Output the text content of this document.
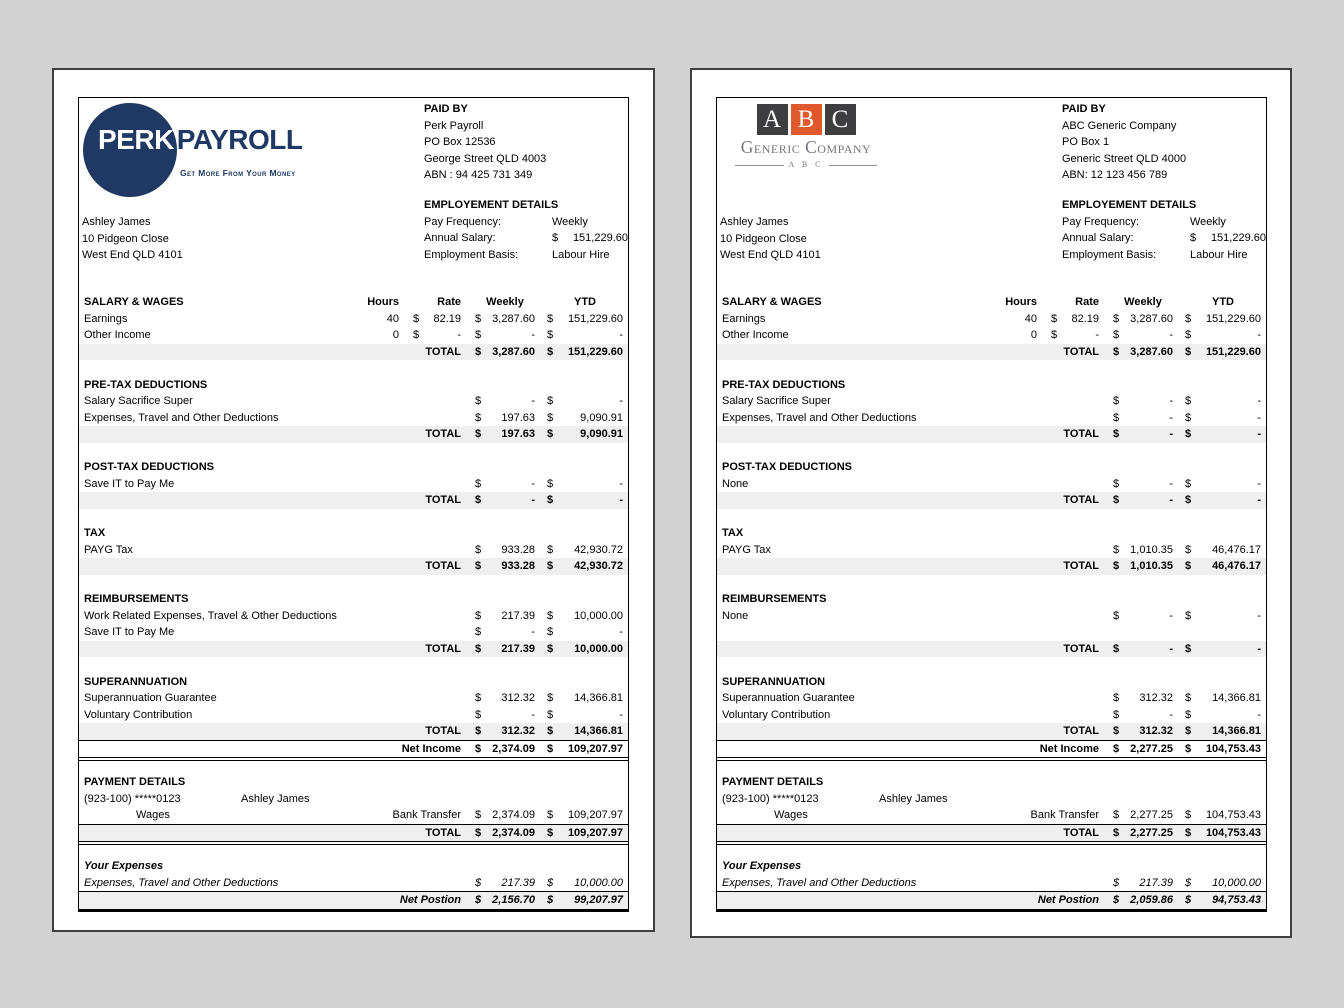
PERK PAYROLL
Get More From Your Money
PAID BY
Perk Payroll
PO Box 12536
George Street QLD 4003
ABN : 94 425 731 349
EMPLOYEMENT DETAILS
Pay Frequency:	Weekly
Annual Salary:	$	151,229.60
Employment Basis:	Labour Hire
Ashley James
10 Pidgeon Close
West End QLD 4101
SALARY & WAGES	Hours	Rate	Weekly	YTD
Earnings	40 $	82.19 $	3,287.60 $	151,229.60
Other Income	0 $	- $	- $	-
TOTAL $	3,287.60 $	151,229.60
PRE-TAX DEDUCTIONS
Salary Sacrifice Super	$	- $	-
Expenses, Travel and Other Deductions	$	197.63 $	9,090.91
TOTAL $	197.63 $	9,090.91
POST-TAX DEDUCTIONS
Save IT to Pay Me	$	- $	-
TOTAL $	- $	-
TAX
PAYG Tax	$	933.28 $	42,930.72
TOTAL $	933.28 $	42,930.72
REIMBURSEMENTS
Work Related Expenses, Travel & Other Deductions	$	217.39 $	10,000.00
Save IT to Pay Me	$	- $	-
TOTAL $	217.39 $	10,000.00
SUPERANNUATION
Superannuation Guarantee	$	312.32 $	14,366.81
Voluntary Contribution	$	- $	-
TOTAL $	312.32 $	14,366.81
Net Income $	2,374.09 $	109,207.97
PAYMENT DETAILS
(923-100) *****0123	Ashley James
Wages	Bank Transfer $	2,374.09 $	109,207.97
TOTAL $	2,374.09 $	109,207.97
Your Expenses
Expenses, Travel and Other Deductions	$	217.39 $	10,000.00
Net Postion $	2,156.70 $	99,207.97
A B C
Generic Company
A B C
PAID BY
ABC Generic Company
PO Box 1
Generic Street QLD 4000
ABN: 12 123 456 789
EMPLOYEMENT DETAILS
Pay Frequency:	Weekly
Annual Salary:	$	151,229.60
Employment Basis:	Labour Hire
Ashley James
10 Pidgeon Close
West End QLD 4101
SALARY & WAGES	Hours	Rate	Weekly	YTD
Earnings	40 $	82.19 $	3,287.60 $	151,229.60
Other Income	0 $	- $	- $	-
TOTAL $	3,287.60 $	151,229.60
PRE-TAX DEDUCTIONS
Salary Sacrifice Super	$	- $	-
Expenses, Travel and Other Deductions	$	- $	-
TOTAL $	- $	-
POST-TAX DEDUCTIONS
None	$	- $	-
TOTAL $	- $	-
TAX
PAYG Tax	$	1,010.35 $	46,476.17
TOTAL $	1,010.35 $	46,476.17
REIMBURSEMENTS
None	$	- $	-
TOTAL $	- $	-
SUPERANNUATION
Superannuation Guarantee	$	312.32 $	14,366.81
Voluntary Contribution	$	- $	-
TOTAL $	312.32 $	14,366.81
Net Income $	2,277.25 $	104,753.43
PAYMENT DETAILS
(923-100) *****0123	Ashley James
Wages	Bank Transfer $	2,277.25 $	104,753.43
TOTAL $	2,277.25 $	104,753.43
Your Expenses
Expenses, Travel and Other Deductions	$	217.39 $	10,000.00
Net Postion $	2,059.86 $	94,753.43
